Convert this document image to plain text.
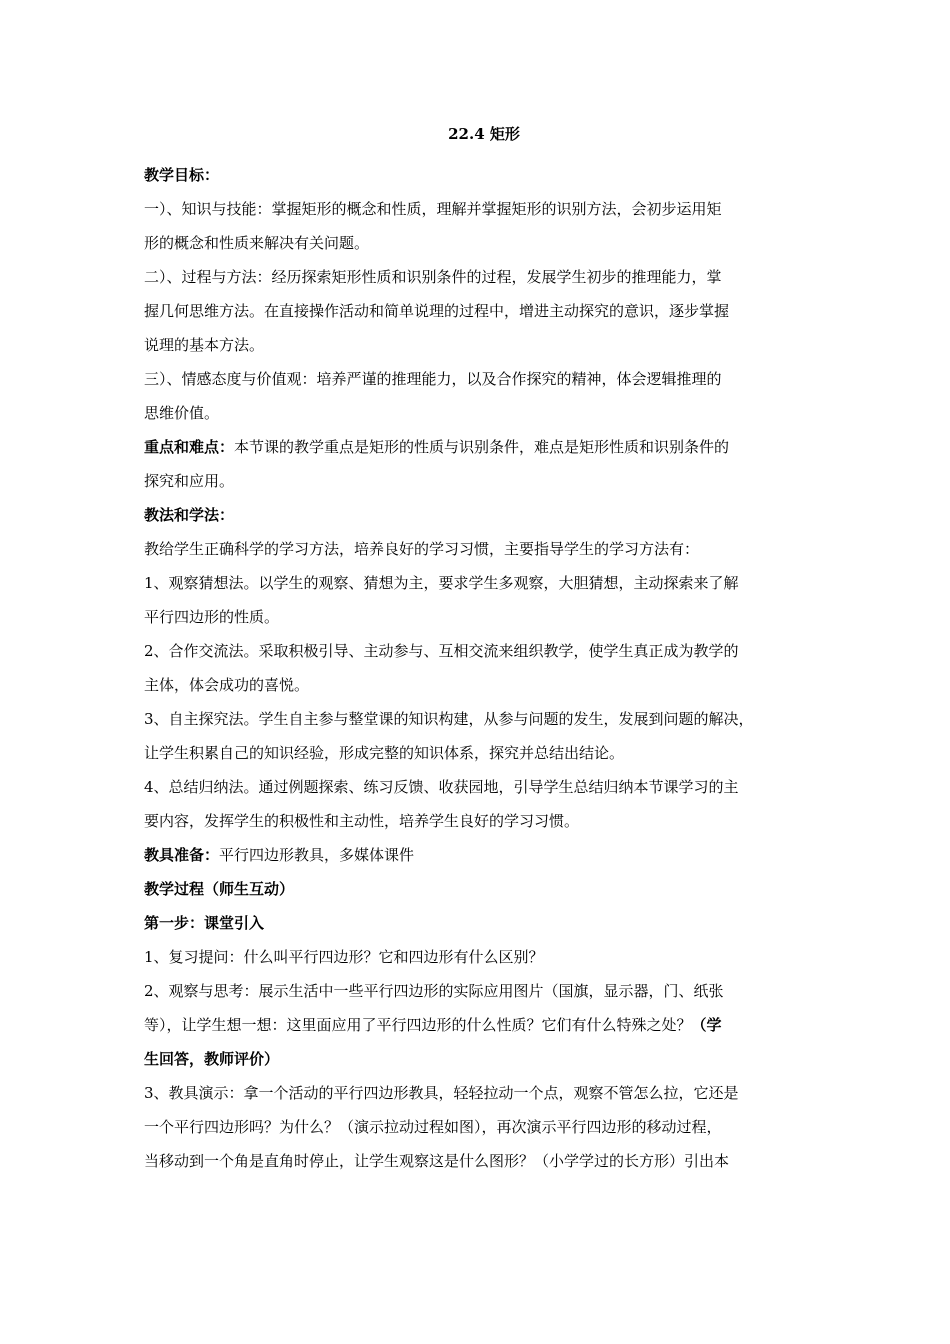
22.4 矩形
教学目标：
一）、知识与技能：掌握矩形的概念和性质，理解并掌握矩形的识别方法，会初步运用矩
形的概念和性质来解决有关问题。
二）、过程与方法：经历探索矩形性质和识别条件的过程，发展学生初步的推理能力，掌
握几何思维方法。在直接操作活动和简单说理的过程中，增进主动探究的意识，逐步掌握
说理的基本方法。
三）、情感态度与价值观：培养严谨的推理能力，以及合作探究的精神，体会逻辑推理的
思维价值。
重点和难点：本节课的教学重点是矩形的性质与识别条件，难点是矩形性质和识别条件的
探究和应用。
教法和学法：
教给学生正确科学的学习方法，培养良好的学习习惯，主要指导学生的学习方法有：
1、观察猜想法。以学生的观察、猜想为主，要求学生多观察，大胆猜想，主动探索来了解
平行四边形的性质。
2、合作交流法。采取积极引导、主动参与、互相交流来组织教学，使学生真正成为教学的
主体，体会成功的喜悦。
3、自主探究法。学生自主参与整堂课的知识构建，从参与问题的发生，发展到问题的解决，
让学生积累自己的知识经验，形成完整的知识体系，探究并总结出结论。
4、总结归纳法。通过例题探索、练习反馈、收获园地，引导学生总结归纳本节课学习的主
要内容，发挥学生的积极性和主动性，培养学生良好的学习习惯。
教具准备：平行四边形教具，多媒体课件
教学过程（师生互动）
第一步：课堂引入
1、复习提问：什么叫平行四边形？它和四边形有什么区别？
2、观察与思考：展示生活中一些平行四边形的实际应用图片（国旗，显示器，门、纸张
等），让学生想一想：这里面应用了平行四边形的什么性质？它们有什么特殊之处？（学
生回答，教师评价）
3、教具演示：拿一个活动的平行四边形教具，轻轻拉动一个点，观察不管怎么拉，它还是
一个平行四边形吗？为什么？（演示拉动过程如图），再次演示平行四边形的移动过程，
当移动到一个角是直角时停止，让学生观察这是什么图形？（小学学过的长方形）引出本
